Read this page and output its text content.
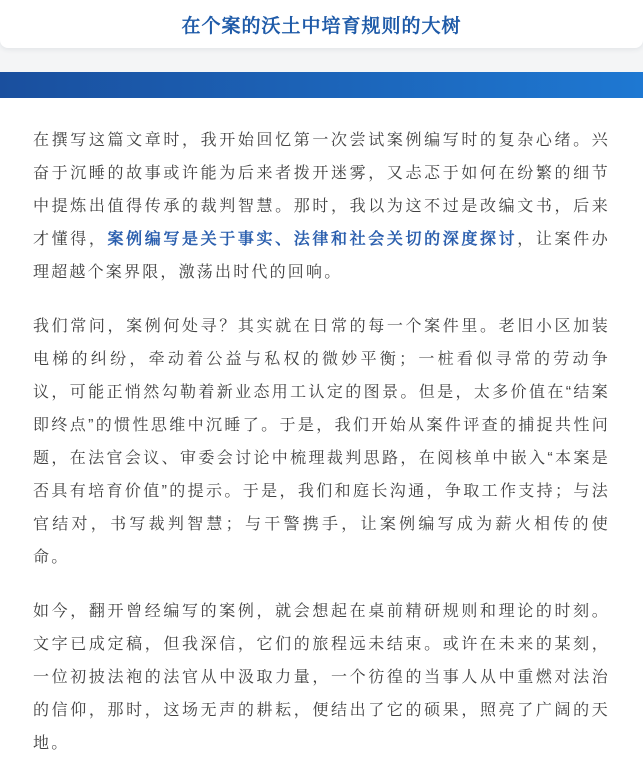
在个案的沃土中培育规则的大树

在撰写这篇文章时，我开始回忆第一次尝试案例编写时的复杂心绪。兴奋于沉睡的故事或许能为后来者拨开迷雾，又忐忑于如何在纷繁的细节中提炼出值得传承的裁判智慧。那时，我以为这不过是改编文书，后来才懂得，案例编写是关于事实、法律和社会关切的深度探讨，让案件办理超越个案界限，激荡出时代的回响。

我们常问，案例何处寻？其实就在日常的每一个案件里。老旧小区加装电梯的纠纷，牵动着公益与私权的微妙平衡；一桩看似寻常的劳动争议，可能正悄然勾勒着新业态用工认定的图景。但是，太多价值在“结案即终点”的惯性思维中沉睡了。于是，我们开始从案件评查的捕捉共性问题，在法官会议、审委会讨论中梳理裁判思路，在阅核单中嵌入“本案是否具有培育价值”的提示。于是，我们和庭长沟通，争取工作支持；与法官结对，书写裁判智慧；与干警携手，让案例编写成为薪火相传的使命。

如今，翻开曾经编写的案例，就会想起在桌前精研规则和理论的时刻。文字已成定稿，但我深信，它们的旅程远未结束。或许在未来的某刻，一位初披法袍的法官从中汲取力量，一个彷徨的当事人从中重燃对法治的信仰，那时，这场无声的耕耘，便结出了它的硕果，照亮了广阔的天地。
